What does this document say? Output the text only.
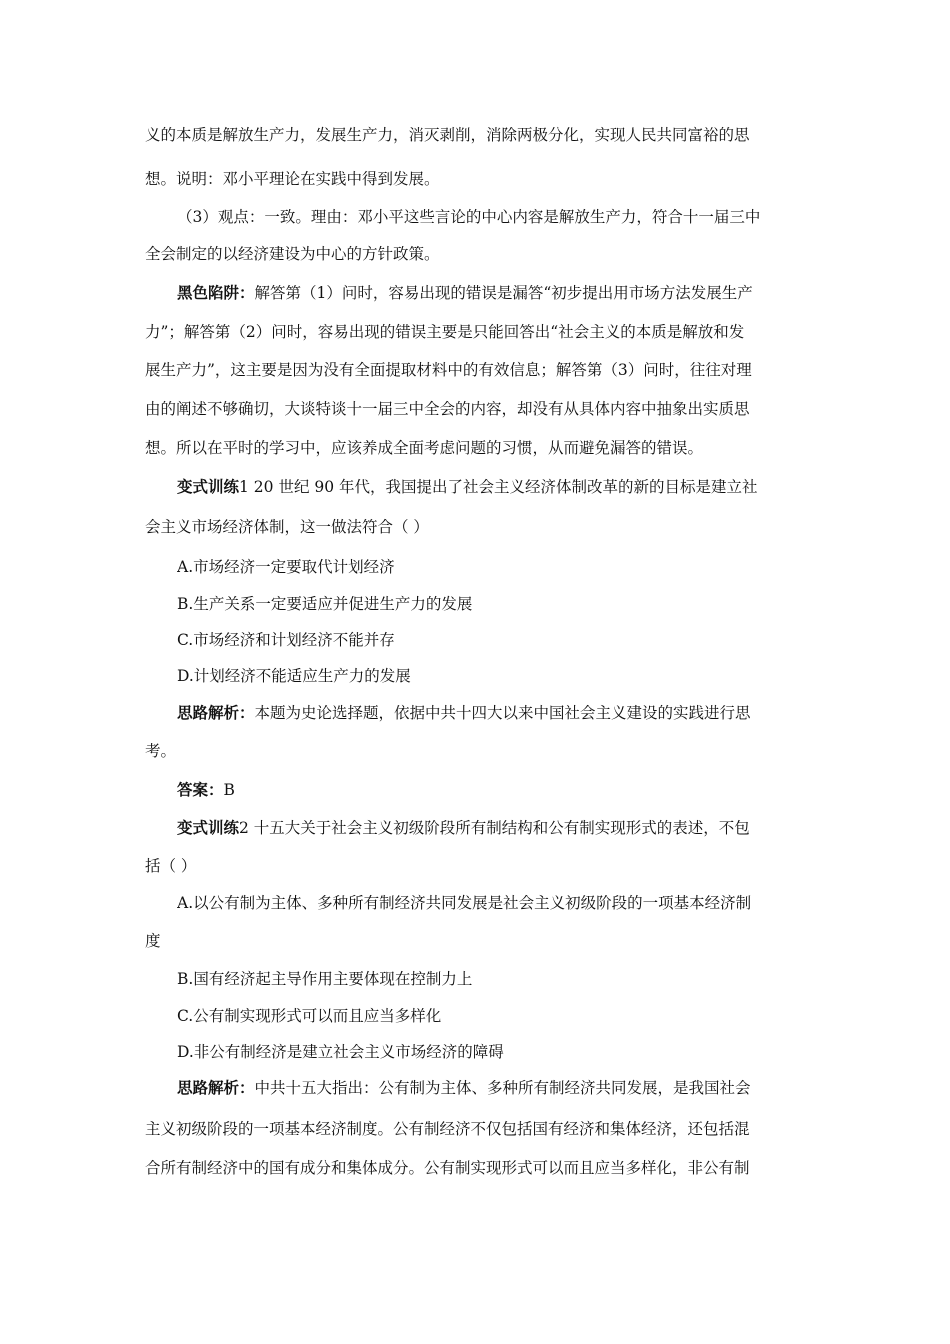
义的本质是解放生产力，发展生产力，消灭剥削，消除两极分化，实现人民共同富裕的思
想。说明：邓小平理论在实践中得到发展。
（3）观点：一致。理由：邓小平这些言论的中心内容是解放生产力，符合十一届三中
全会制定的以经济建设为中心的方针政策。
黑色陷阱：解答第（1）问时，容易出现的错误是漏答“初步提出用市场方法发展生产
力”；解答第（2）问时，容易出现的错误主要是只能回答出“社会主义的本质是解放和发
展生产力”，这主要是因为没有全面提取材料中的有效信息；解答第（3）问时，往往对理
由的阐述不够确切，大谈特谈十一届三中全会的内容，却没有从具体内容中抽象出实质思
想。所以在平时的学习中，应该养成全面考虑问题的习惯，从而避免漏答的错误。
变式训练1 20 世纪 90 年代，我国提出了社会主义经济体制改革的新的目标是建立社
会主义市场经济体制，这一做法符合（ ）
A.市场经济一定要取代计划经济
B.生产关系一定要适应并促进生产力的发展
C.市场经济和计划经济不能并存
D.计划经济不能适应生产力的发展
思路解析：本题为史论选择题，依据中共十四大以来中国社会主义建设的实践进行思
考。
答案：B
变式训练2 十五大关于社会主义初级阶段所有制结构和公有制实现形式的表述，不包
括（ ）
A.以公有制为主体、多种所有制经济共同发展是社会主义初级阶段的一项基本经济制
度
B.国有经济起主导作用主要体现在控制力上
C.公有制实现形式可以而且应当多样化
D.非公有制经济是建立社会主义市场经济的障碍
思路解析：中共十五大指出：公有制为主体、多种所有制经济共同发展，是我国社会
主义初级阶段的一项基本经济制度。公有制经济不仅包括国有经济和集体经济，还包括混
合所有制经济中的国有成分和集体成分。公有制实现形式可以而且应当多样化，非公有制
